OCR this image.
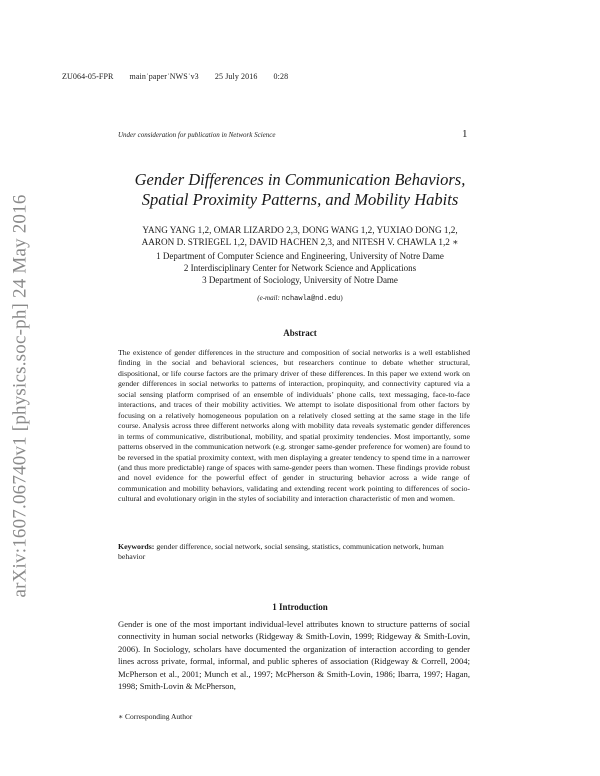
ZU064-05-FPR main˙paper˙NWS˙v3 25 July 2016 0:28
Under consideration for publication in Network Science	1
arXiv:1607.06740v1 [physics.soc-ph] 24 May 2016
Gender Differences in Communication Behaviors,
Spatial Proximity Patterns, and Mobility Habits
YANG YANG 1,2, OMAR LIZARDO 2,3, DONG WANG 1,2, YUXIAO DONG 1,2,
AARON D. STRIEGEL 1,2, DAVID HACHEN 2,3, and NITESH V. CHAWLA 1,2 ∗
1 Department of Computer Science and Engineering, University of Notre Dame
2 Interdisciplinary Center for Network Science and Applications
3 Department of Sociology, University of Notre Dame
(e-mail: nchawla@nd.edu)
Abstract
The existence of gender differences in the structure and composition of social networks is a well established finding in the social and behavioral sciences, but researchers continue to debate whether structural, dispositional, or life course factors are the primary driver of these differences. In this paper we extend work on gender differences in social networks to patterns of interaction, propinquity, and connectivity captured via a social sensing platform comprised of an ensemble of individuals’ phone calls, text messaging, face-to-face interactions, and traces of their mobility activities. We attempt to isolate dispositional from other factors by focusing on a relatively homogeneous population on a relatively closed setting at the same stage in the life course. Analysis across three different networks along with mobility data reveals systematic gender differences in terms of communicative, distributional, mobility, and spatial proximity tendencies. Most importantly, some patterns observed in the communication network (e.g. stronger same-gender preference for women) are found to be reversed in the spatial proximity context, with men displaying a greater tendency to spend time in a narrower (and thus more predictable) range of spaces with same-gender peers than women. These findings provide robust and novel evidence for the powerful effect of gender in structuring behavior across a wide range of communication and mobility behaviors, validating and extending recent work pointing to differences of socio-cultural and evolutionary origin in the styles of sociability and interaction characteristic of men and women.
Keywords: gender difference, social network, social sensing, statistics, communication network, human behavior
1 Introduction
Gender is one of the most important individual-level attributes known to structure patterns of social connectivity in human social networks (Ridgeway & Smith-Lovin, 1999; Ridgeway & Smith-Lovin, 2006). In Sociology, scholars have documented the organization of interaction according to gender lines across private, formal, informal, and public spheres of association (Ridgeway & Correll, 2004; McPherson et al., 2001; Munch et al., 1997; McPherson & Smith-Lovin, 1986; Ibarra, 1997; Hagan, 1998; Smith-Lovin & McPherson,
∗ Corresponding Author
